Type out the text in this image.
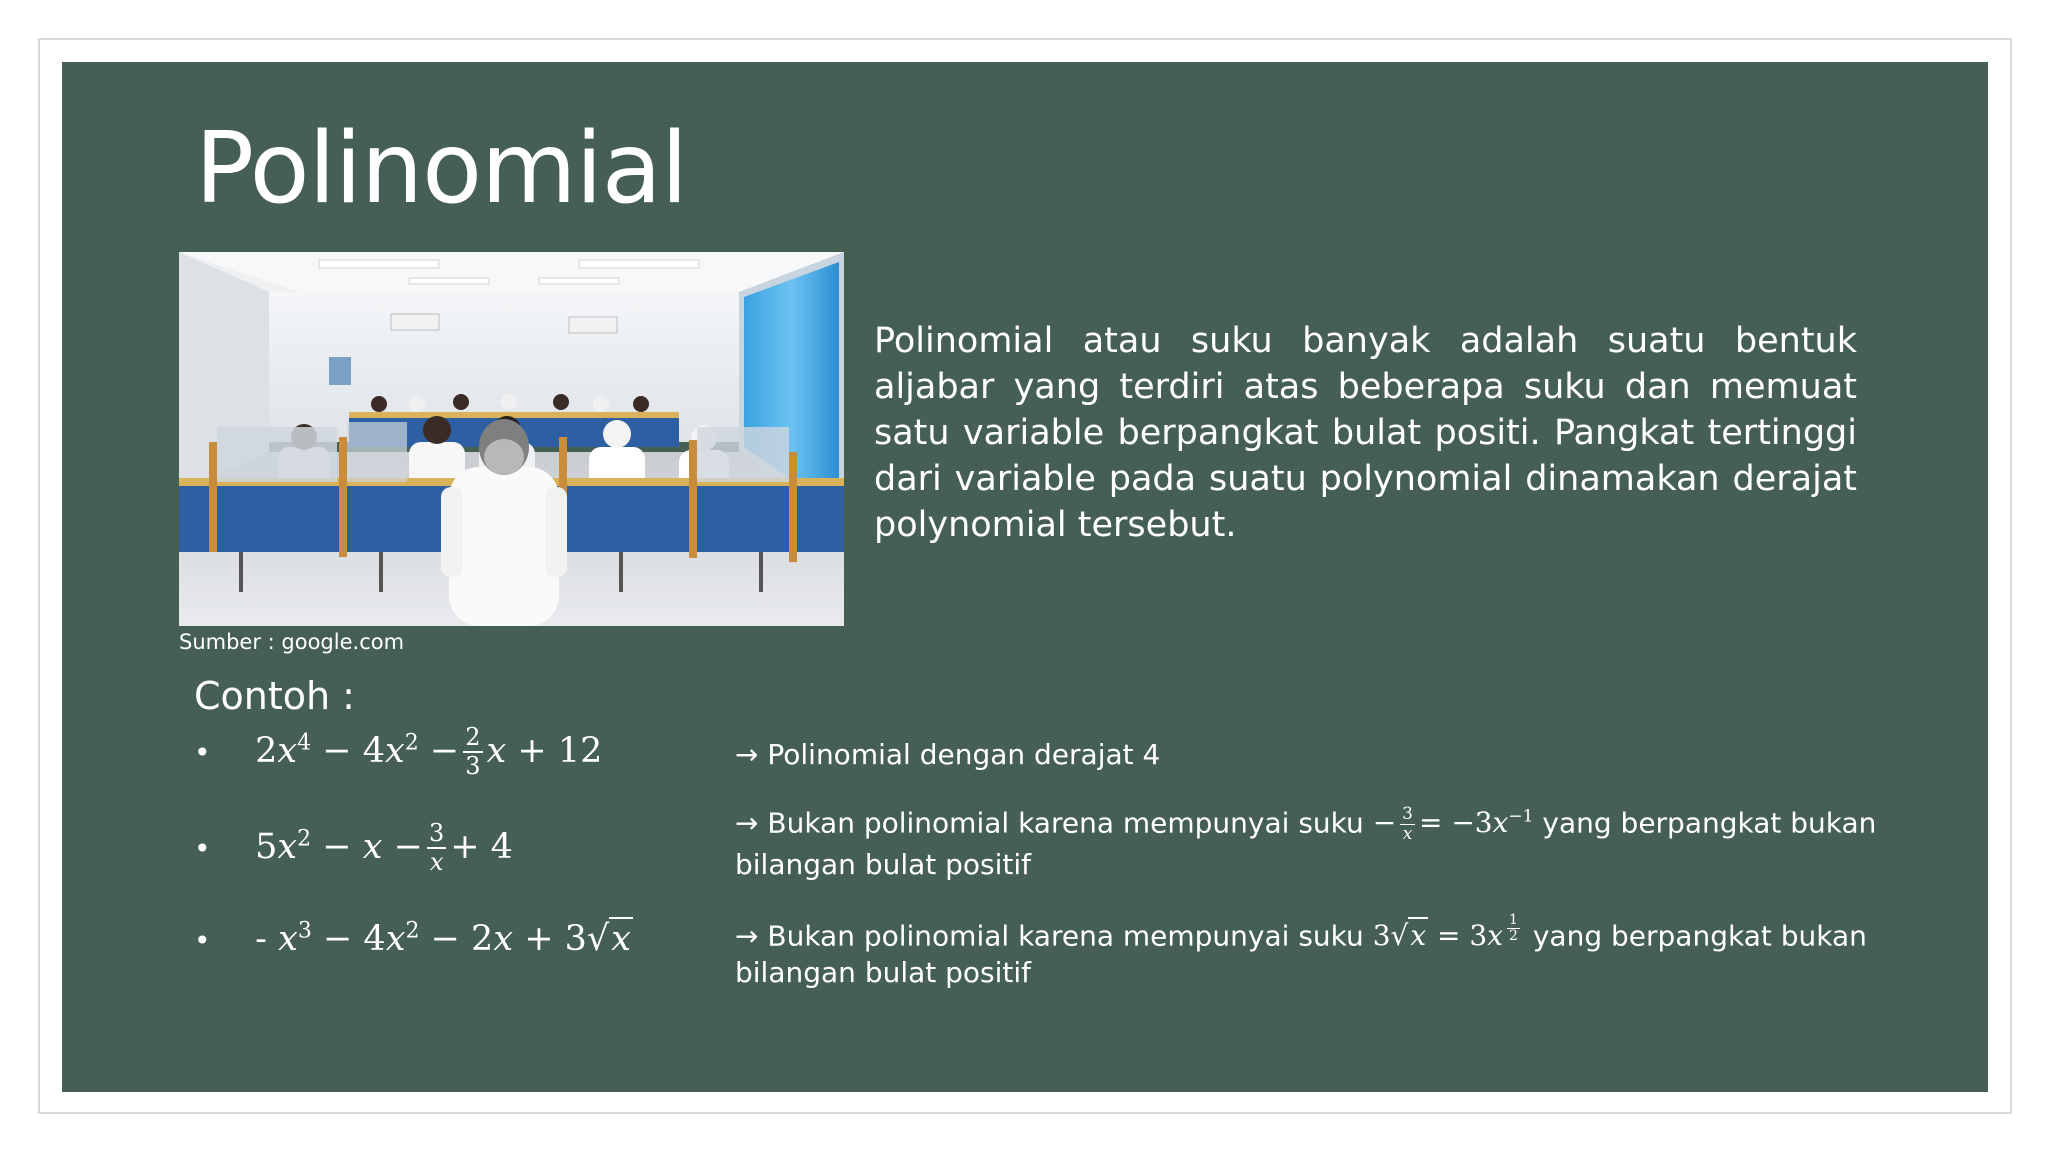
Polinomial
Sumber : google.com
Polinomial atau suku banyak adalah suatu bentuk aljabar yang terdiri atas beberapa suku dan memuat satu variable berpangkat bulat positi. Pangkat tertinggi dari variable pada suatu polynomial dinamakan derajat polynomial tersebut.
Contoh :
• $2x^4 - 4x^2 - \frac{2}{3}$ x + 12	→ Polinomial dengan derajat 4
• $5x^2 - x - \frac{3}{x} + 4$
→ Bukan polinomial karena mempunyai suku − $\frac{3}{x} = -3x^{-1}$ yang berpangkat bukan
bilangan bulat positif
• - $x^3 - 4x^2 - 2x + 3√x$	→ Bukan polinomial karena mempunyai suku 3√x = 3x $^{\frac{1}{2}}$ yang berpangkat bukan
bilangan bulat positif
